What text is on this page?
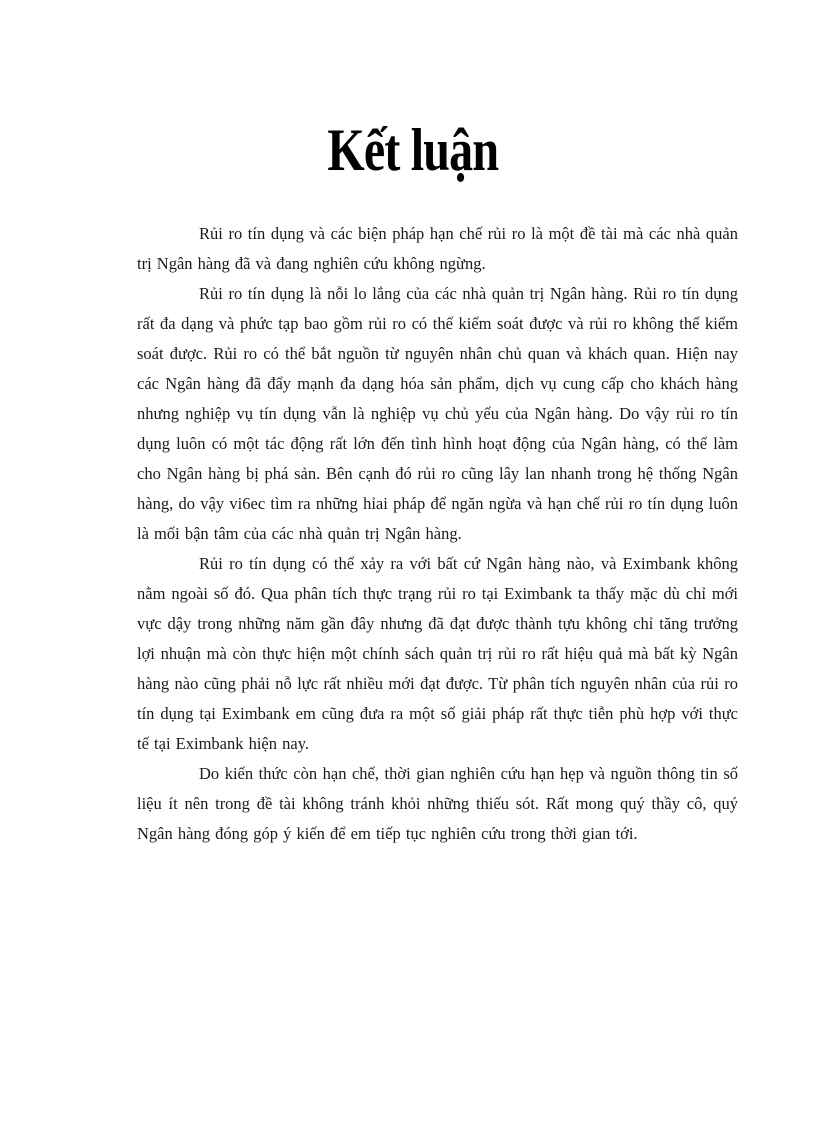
Kết luận

Rủi ro tín dụng và các biện pháp hạn chế rủi ro là một đề tài mà các nhà quản trị Ngân hàng đã và đang nghiên cứu không ngừng.

Rủi ro tín dụng là nỗi lo lắng của các nhà quản trị Ngân hàng. Rủi ro tín dụng rất đa dạng và phức tạp bao gồm rủi ro có thể kiểm soát được và rủi ro không thể kiểm soát được. Rủi ro có thể bắt nguồn từ nguyên nhân chủ quan và khách quan. Hiện nay các Ngân hàng đã đẩy mạnh đa dạng hóa sản phẩm, dịch vụ cung cấp cho khách hàng nhưng nghiệp vụ tín dụng vẫn là nghiệp vụ chủ yếu của Ngân hàng. Do vậy rủi ro tín dụng luôn có một tác động rất lớn đến tình hình hoạt động của Ngân hàng, có thể làm cho Ngân hàng bị phá sản. Bên cạnh đó rủi ro cũng lây lan nhanh trong hệ thống Ngân hàng, do vậy vi6ec tìm ra những hỉai pháp để ngăn ngừa và hạn chế rủi ro tín dụng luôn là mối bận tâm của các nhà quản trị Ngân hàng.

Rủi ro tín dụng có thể xảy ra với bất cứ Ngân hàng nào, và Eximbank không nằm ngoài số đó. Qua phân tích thực trạng rủi ro tại Eximbank ta thấy mặc dù chỉ mới vực dậy trong những năm gần đây nhưng đã đạt được thành tựu không chỉ tăng trưởng lợi nhuận mà còn thực hiện một chính sách quản trị rủi ro rất hiệu quả mà bất kỳ Ngân hàng nào cũng phải nỗ lực rất nhiều mới đạt được. Từ phân tích nguyên nhân của rủi ro tín dụng tại Eximbank em cũng đưa ra một số giải pháp rất thực tiễn phù hợp với thực tế tại Eximbank hiện nay.

Do kiến thức còn hạn chế, thời gian nghiên cứu hạn hẹp và nguồn thông tin số liệu ít nên trong đề tài không tránh khỏi những thiếu sót. Rất mong quý thầy cô, quý Ngân hàng đóng góp ý kiến để em tiếp tục nghiên cứu trong thời gian tới.
